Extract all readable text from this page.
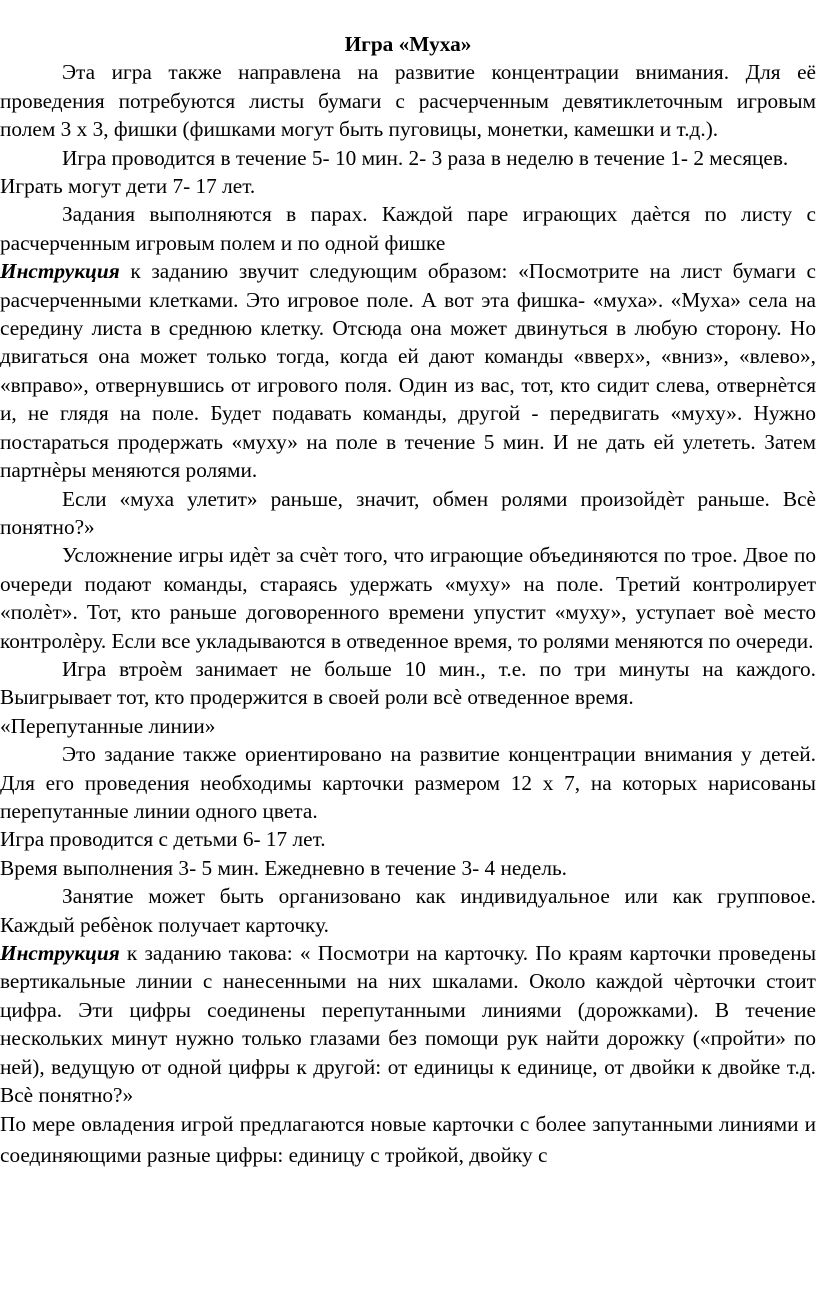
Игра «Муха»

Эта игра также направлена на развитие концентрации внимания. Для её проведения потребуются листы бумаги с расчерченным девятиклеточным игровым полем 3 х 3, фишки (фишками могут быть пуговицы, монетки, камешки и т.д.).

Игра проводится в течение 5- 10 мин. 2- 3 раза в неделю в течение 1- 2 месяцев.

Играть могут дети 7- 17 лет.

Задания выполняются в парах. Каждой паре играющих даѐтся по листу с расчерченным игровым полем и по одной фишке

Инструкция к заданию звучит следующим образом: «Посмотрите на лист бумаги с расчерченными клетками. Это игровое поле. А вот эта фишка- «муха». «Муха» села на середину листа в среднюю клетку. Отсюда она может двинуться в любую сторону. Но двигаться она может только тогда, когда ей дают команды «вверх», «вниз», «влево», «вправо», отвернувшись от игрового поля. Один из вас, тот, кто сидит слева, отвернѐтся и, не глядя на поле. Будет подавать команды, другой - передвигать «муху». Нужно постараться продержать «муху» на поле в течение 5 мин. И не дать ей улететь. Затем партнѐры меняются ролями.

Если «муха улетит» раньше, значит, обмен ролями произойдѐт раньше. Всѐ понятно?»

Усложнение игры идѐт за счѐт того, что играющие объединяются по трое. Двое по очереди подают команды, стараясь удержать «муху» на поле. Третий контролирует «полѐт». Тот, кто раньше договоренного времени упустит «муху», уступает воѐ место контролѐру. Если все укладываются в отведенное время, то ролями меняются по очереди.

Игра втроѐм занимает не больше 10 мин., т.е. по три минуты на каждого. Выигрывает тот, кто продержится в своей роли всѐ отведенное время.

«Перепутанные линии»

Это задание также ориентировано на развитие концентрации внимания у детей. Для его проведения необходимы карточки размером 12 х 7, на которых нарисованы перепутанные линии одного цвета.

Игра проводится с детьми 6- 17 лет.

Время выполнения 3- 5 мин. Ежедневно в течение 3- 4 недель.

Занятие может быть организовано как индивидуальное или как групповое. Каждый ребѐнок получает карточку.

Инструкция к заданию такова: « Посмотри на карточку. По краям карточки проведены вертикальные линии с нанесенными на них шкалами. Около каждой чѐрточки стоит цифра. Эти цифры соединены перепутанными линиями (дорожками). В течение нескольких минут нужно только глазами без помощи рук найти дорожку («пройти» по ней), ведущую от одной цифры к другой: от единицы к единице, от двойки к двойке т.д. Всѐ понятно?»

По мере овладения игрой предлагаются новые карточки с более запутанными линиями и соединяющими разные цифры: единицу с тройкой, двойку с
